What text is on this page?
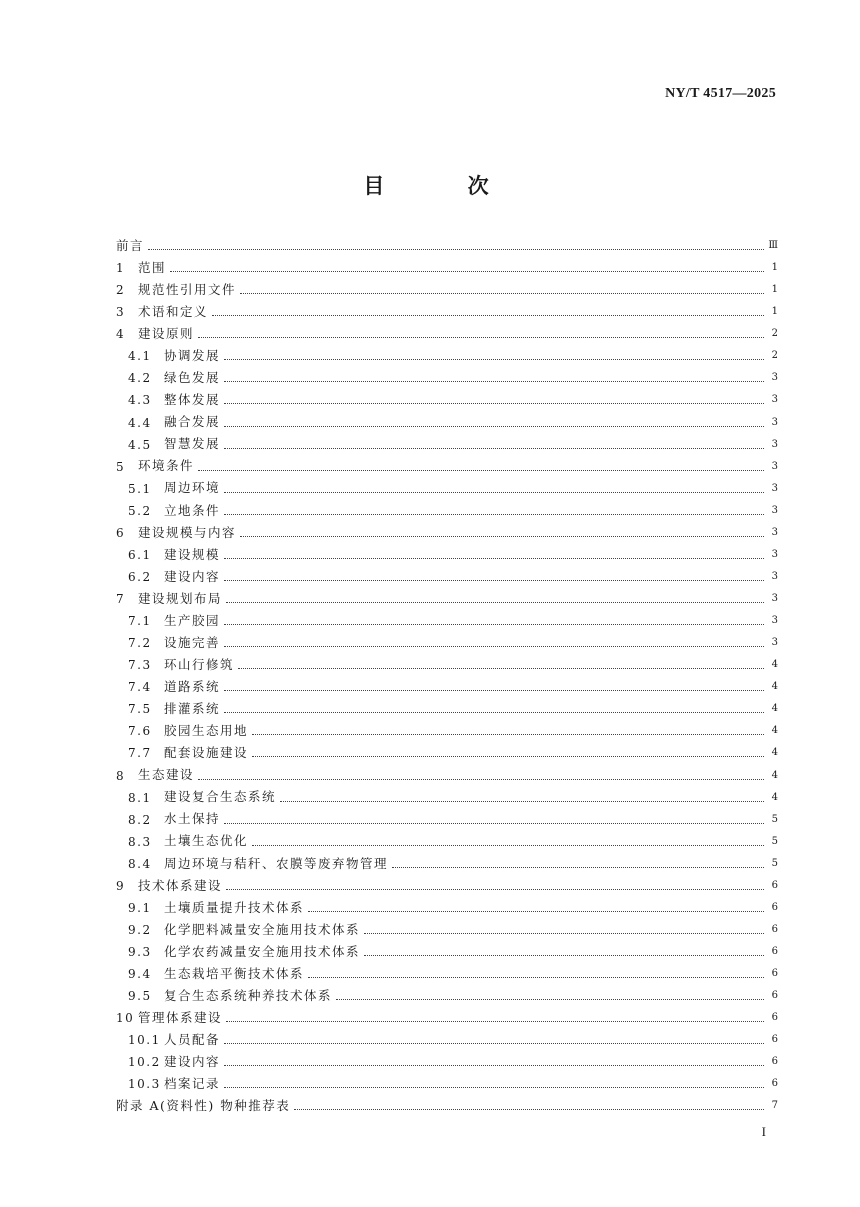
NY/T 4517—2025
目 次
前言	Ⅲ
1	范围	1
2	规范性引用文件	1
3	术语和定义	1
4	建设原则	2
4.1 协调发展	2
4.2 绿色发展	3
4.3 整体发展	3
4.4 融合发展	3
4.5 智慧发展	3
5	环境条件	3
5.1 周边环境	3
5.2 立地条件	3
6	建设规模与内容	3
6.1 建设规模	3
6.2 建设内容	3
7	建设规划布局	3
7.1 生产胶园	3
7.2 设施完善	3
7.3 环山行修筑	4
7.4 道路系统	4
7.5 排灌系统	4
7.6 胶园生态用地	4
7.7 配套设施建设	4
8	生态建设	4
8.1 建设复合生态系统	4
8.2 水土保持	5
8.3 土壤生态优化	5
8.4 周边环境与秸秆、农膜等废弃物管理	5
9	技术体系建设	6
9.1 土壤质量提升技术体系	6
9.2 化学肥料减量安全施用技术体系	6
9.3 化学农药减量安全施用技术体系	6
9.4 生态栽培平衡技术体系	6
9.5 复合生态系统种养技术体系	6
10 管理体系建设	6
10.1 人员配备	6
10.2 建设内容	6
10.3 档案记录	6
附录 A(资料性) 物种推荐表	7
I
